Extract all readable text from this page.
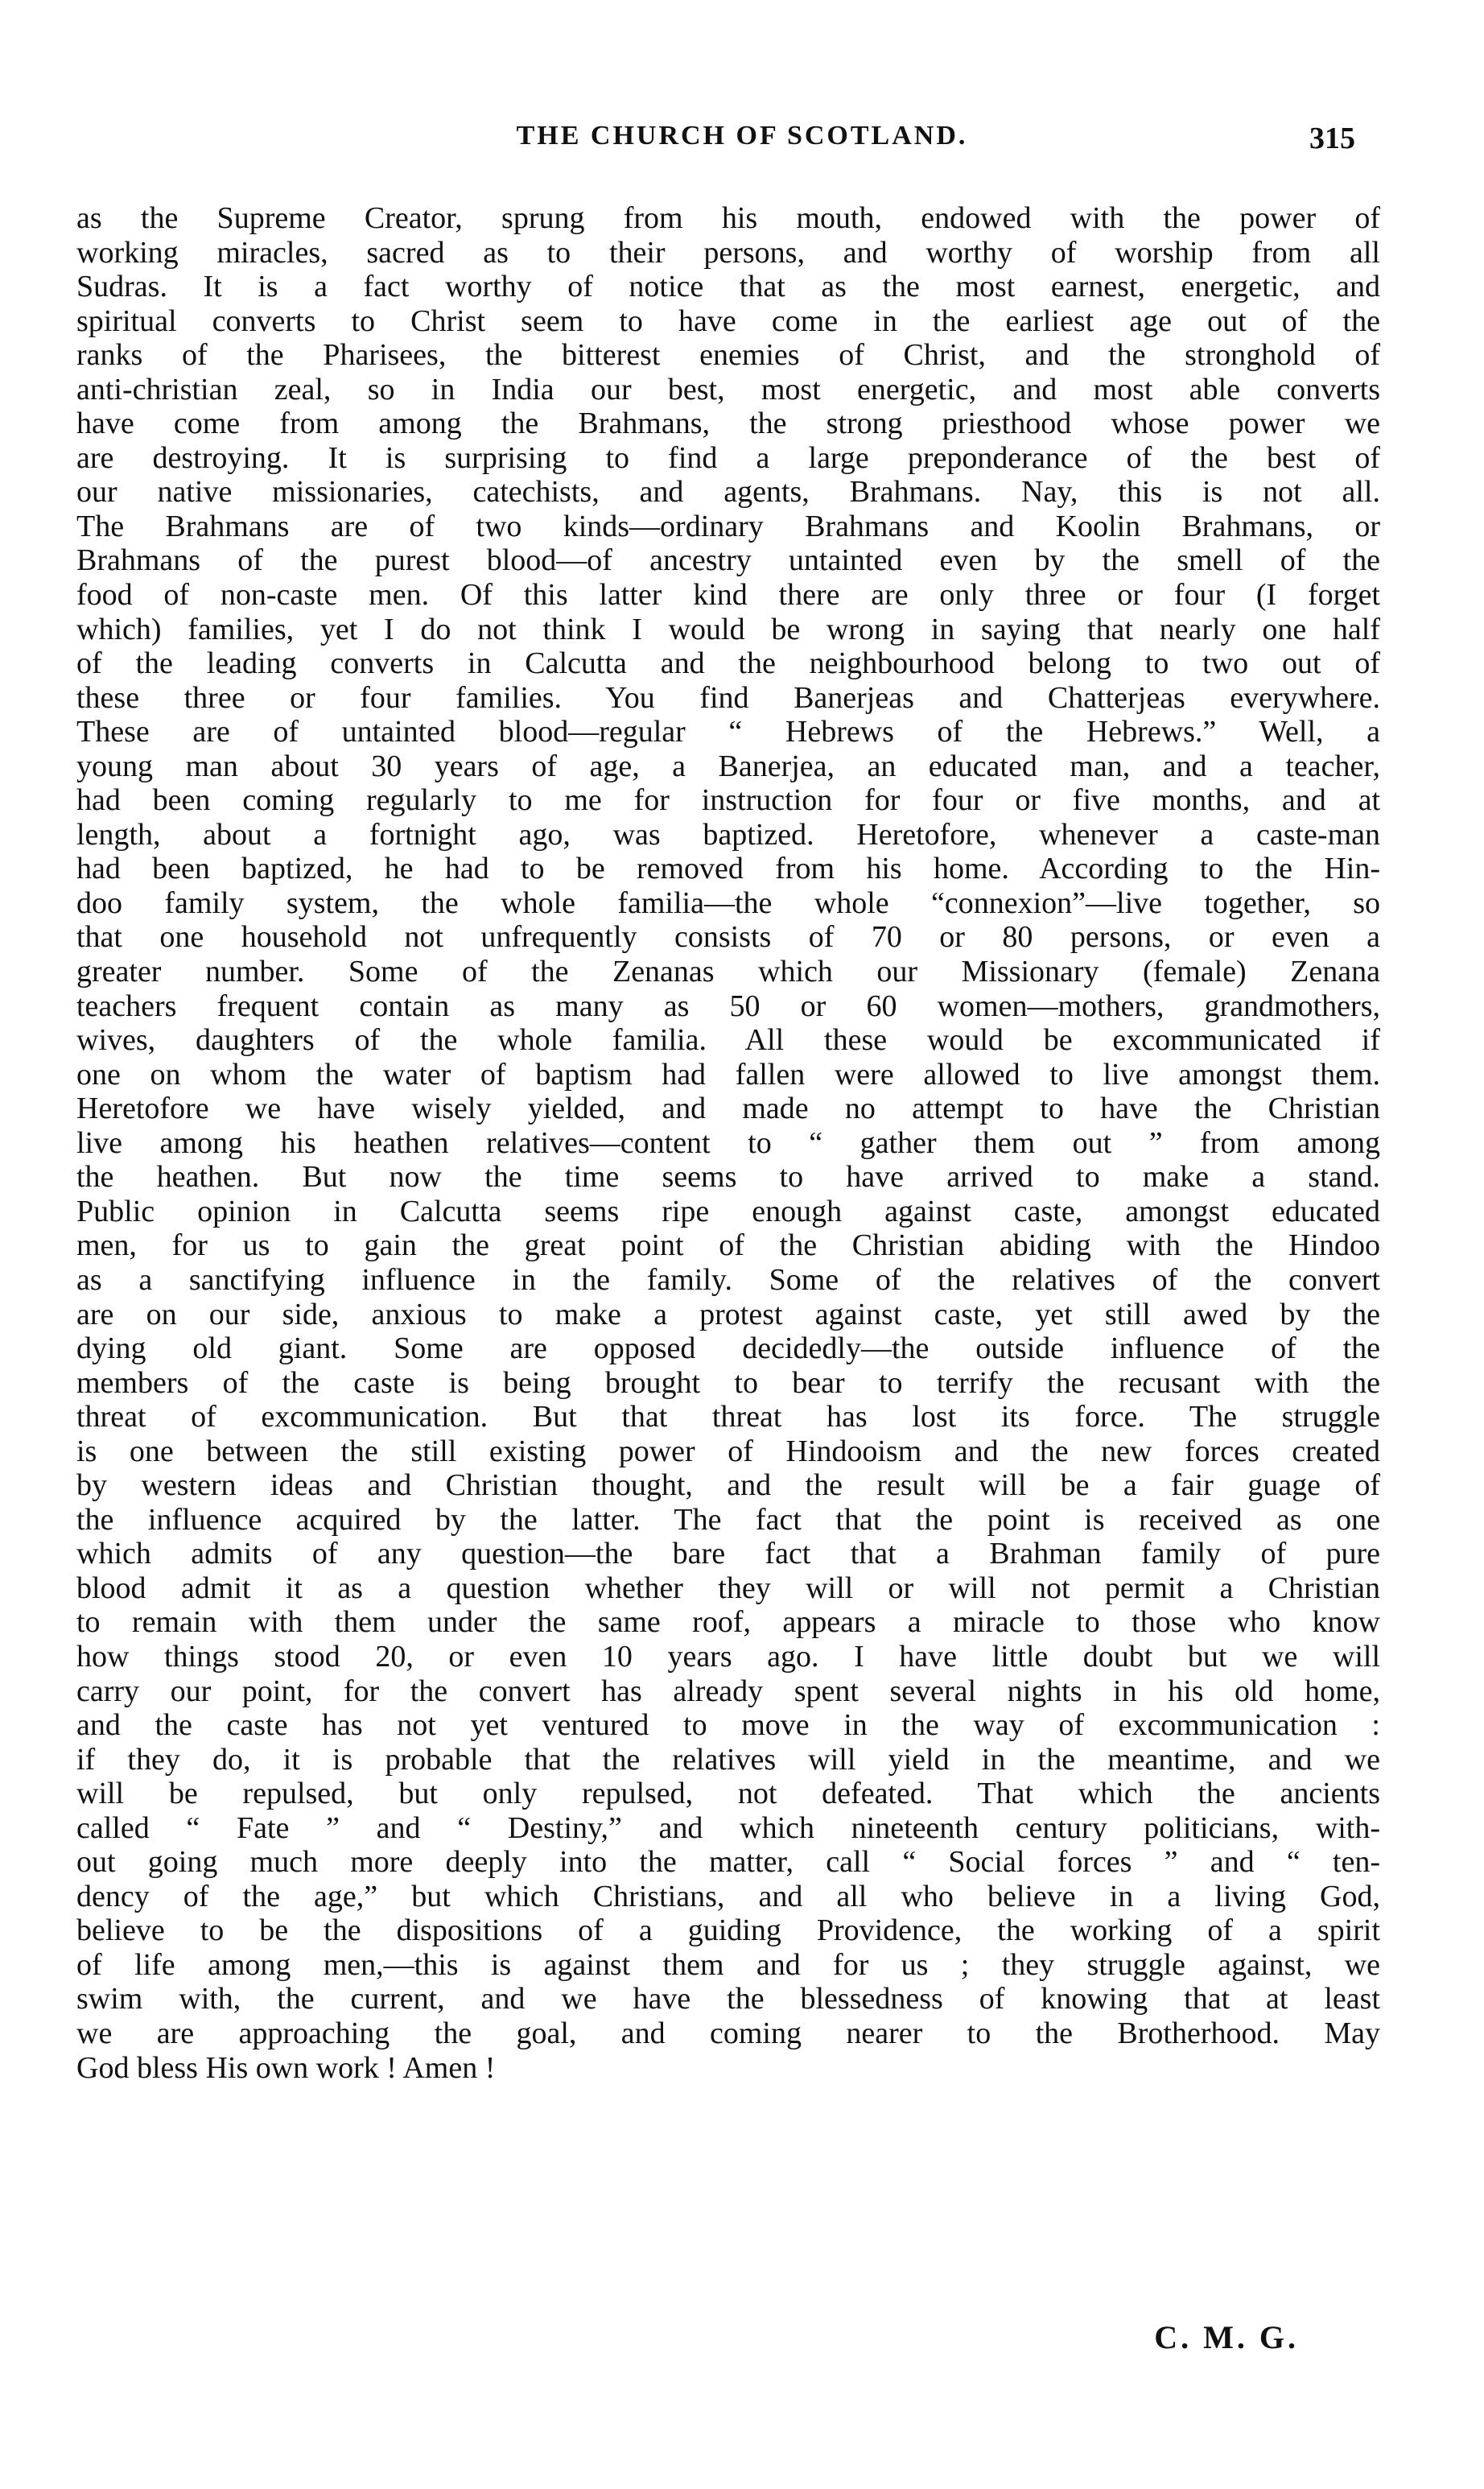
THE CHURCH OF SCOTLAND.	315
as the Supreme Creator, sprung from his mouth, endowed with the power of
working miracles, sacred as to their persons, and worthy of worship from all
Sudras. It is a fact worthy of notice that as the most earnest, energetic, and
spiritual converts to Christ seem to have come in the earliest age out of the
ranks of the Pharisees, the bitterest enemies of Christ, and the stronghold of
anti-christian zeal, so in India our best, most energetic, and most able converts
have come from among the Brahmans, the strong priesthood whose power we
are destroying. It is surprising to find a large preponderance of the best of
our native missionaries, catechists, and agents, Brahmans. Nay, this is not all.
The Brahmans are of two kinds—ordinary Brahmans and Koolin Brahmans, or
Brahmans of the purest blood—of ancestry untainted even by the smell of the
food of non-caste men. Of this latter kind there are only three or four (I forget
which) families, yet I do not think I would be wrong in saying that nearly one half
of the leading converts in Calcutta and the neighbourhood belong to two out of
these three or four families. You find Banerjeas and Chatterjeas everywhere.
These are of untainted blood—regular “ Hebrews of the Hebrews.” Well, a
young man about 30 years of age, a Banerjea, an educated man, and a teacher,
had been coming regularly to me for instruction for four or five months, and at
length, about a fortnight ago, was baptized. Heretofore, whenever a caste-man
had been baptized, he had to be removed from his home. According to the Hin-
doo family system, the whole familia—the whole “connexion”—live together, so
that one household not unfrequently consists of 70 or 80 persons, or even a
greater number. Some of the Zenanas which our Missionary (female) Zenana
teachers frequent contain as many as 50 or 60 women—mothers, grandmothers,
wives, daughters of the whole familia. All these would be excommunicated if
one on whom the water of baptism had fallen were allowed to live amongst them.
Heretofore we have wisely yielded, and made no attempt to have the Christian
live among his heathen relatives—content to “ gather them out ” from among
the heathen. But now the time seems to have arrived to make a stand.
Public opinion in Calcutta seems ripe enough against caste, amongst educated
men, for us to gain the great point of the Christian abiding with the Hindoo
as a sanctifying influence in the family. Some of the relatives of the convert
are on our side, anxious to make a protest against caste, yet still awed by the
dying old giant. Some are opposed decidedly—the outside influence of the
members of the caste is being brought to bear to terrify the recusant with the
threat of excommunication. But that threat has lost its force. The struggle
is one between the still existing power of Hindooism and the new forces created
by western ideas and Christian thought, and the result will be a fair guage of
the influence acquired by the latter. The fact that the point is received as one
which admits of any question—the bare fact that a Brahman family of pure
blood admit it as a question whether they will or will not permit a Christian
to remain with them under the same roof, appears a miracle to those who know
how things stood 20, or even 10 years ago. I have little doubt but we will
carry our point, for the convert has already spent several nights in his old home,
and the caste has not yet ventured to move in the way of excommunication :
if they do, it is probable that the relatives will yield in the meantime, and we
will be repulsed, but only repulsed, not defeated. That which the ancients
called “ Fate ” and “ Destiny,” and which nineteenth century politicians, with-
out going much more deeply into the matter, call “ Social forces ” and “ ten-
dency of the age,” but which Christians, and all who believe in a living God,
believe to be the dispositions of a guiding Providence, the working of a spirit
of life among men,—this is against them and for us ; they struggle against, we
swim with, the current, and we have the blessedness of knowing that at least
we are approaching the goal, and coming nearer to the Brotherhood. May
God bless His own work ! Amen !
C. M. G.
